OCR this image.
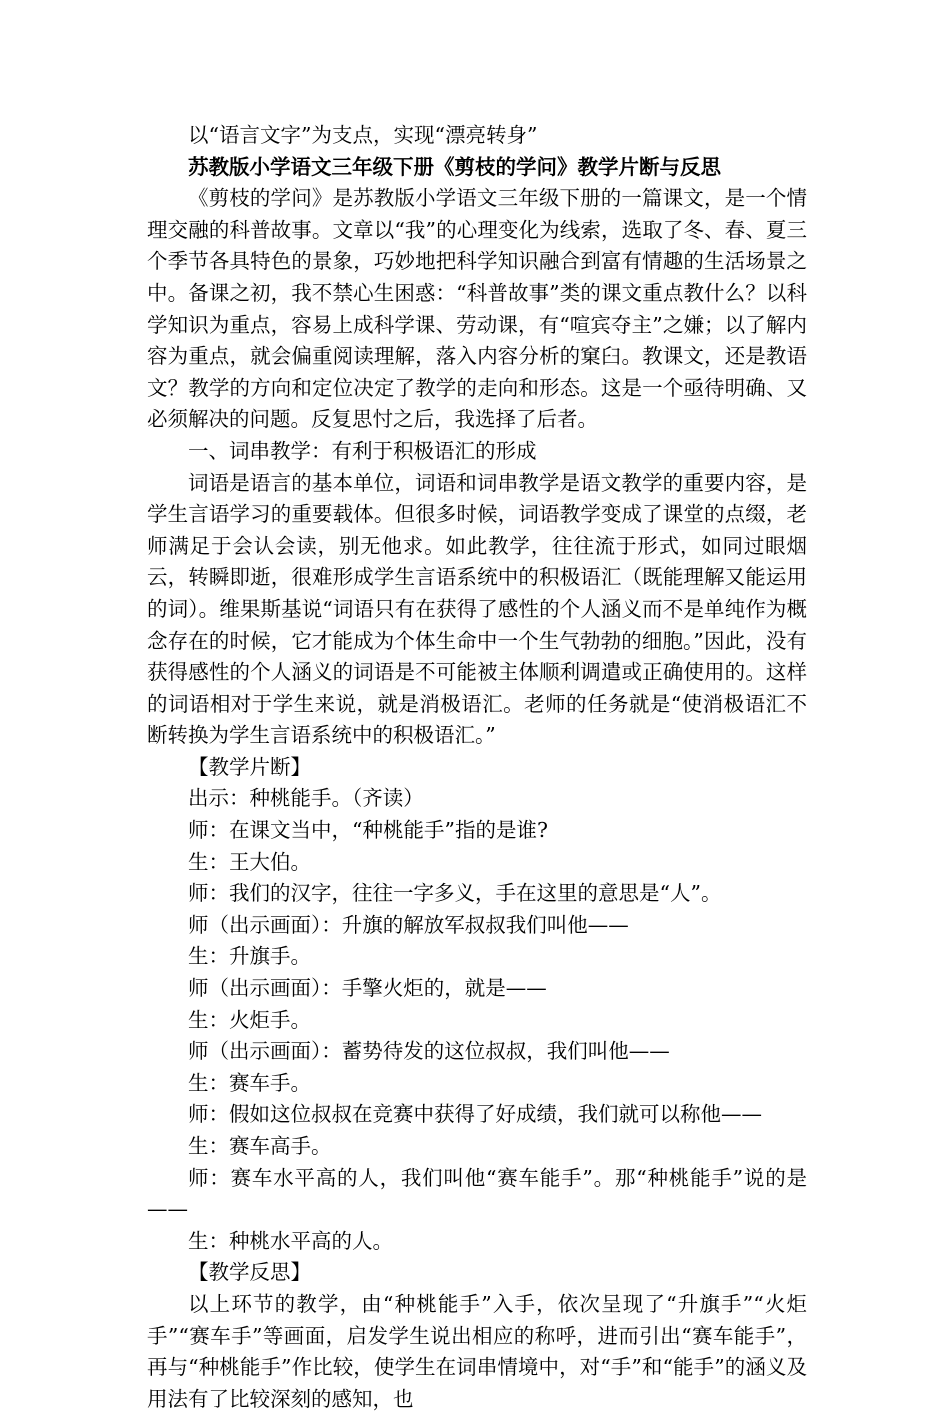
以“语言文字”为支点，实现“漂亮转身”

苏教版小学语文三年级下册《剪枝的学问》教学片断与反思

《剪枝的学问》是苏教版小学语文三年级下册的一篇课文，是一个情理交融的科普故事。文章以“我”的心理变化为线索，选取了冬、春、夏三个季节各具特色的景象，巧妙地把科学知识融合到富有情趣的生活场景之中。备课之初，我不禁心生困惑：“科普故事”类的课文重点教什么？以科学知识为重点，容易上成科学课、劳动课，有“喧宾夺主”之嫌；以了解内容为重点，就会偏重阅读理解，落入内容分析的窠臼。教课文，还是教语文？教学的方向和定位决定了教学的走向和形态。这是一个亟待明确、又必须解决的问题。反复思忖之后，我选择了后者。

一、词串教学：有利于积极语汇的形成

词语是语言的基本单位，词语和词串教学是语文教学的重要内容，是学生言语学习的重要载体。但很多时候，词语教学变成了课堂的点缀，老师满足于会认会读，别无他求。如此教学，往往流于形式，如同过眼烟云，转瞬即逝，很难形成学生言语系统中的积极语汇（既能理解又能运用的词）。维果斯基说“词语只有在获得了感性的个人涵义而不是单纯作为概念存在的时候，它才能成为个体生命中一个生气勃勃的细胞。”因此，没有获得感性的个人涵义的词语是不可能被主体顺利调遣或正确使用的。这样的词语相对于学生来说，就是消极语汇。老师的任务就是“使消极语汇不断转换为学生言语系统中的积极语汇。”

【教学片断】

出示：种桃能手。（齐读）

师：在课文当中，“种桃能手”指的是谁?

生：王大伯。

师：我们的汉字，往往一字多义，手在这里的意思是“人”。

师（出示画面）：升旗的解放军叔叔我们叫他——

生：升旗手。

师（出示画面）：手擎火炬的，就是——

生：火炬手。

师（出示画面）：蓄势待发的这位叔叔，我们叫他——

生：赛车手。

师：假如这位叔叔在竞赛中获得了好成绩，我们就可以称他——

生：赛车高手。

师：赛车水平高的人，我们叫他“赛车能手”。那“种桃能手”说的是——

生：种桃水平高的人。

【教学反思】

以上环节的教学，由“种桃能手”入手，依次呈现了“升旗手”“火炬手”“赛车手”等画面，启发学生说出相应的称呼，进而引出“赛车能手”，再与“种桃能手”作比较，使学生在词串情境中，对“手”和“能手”的涵义及用法有了比较深刻的感知，也
